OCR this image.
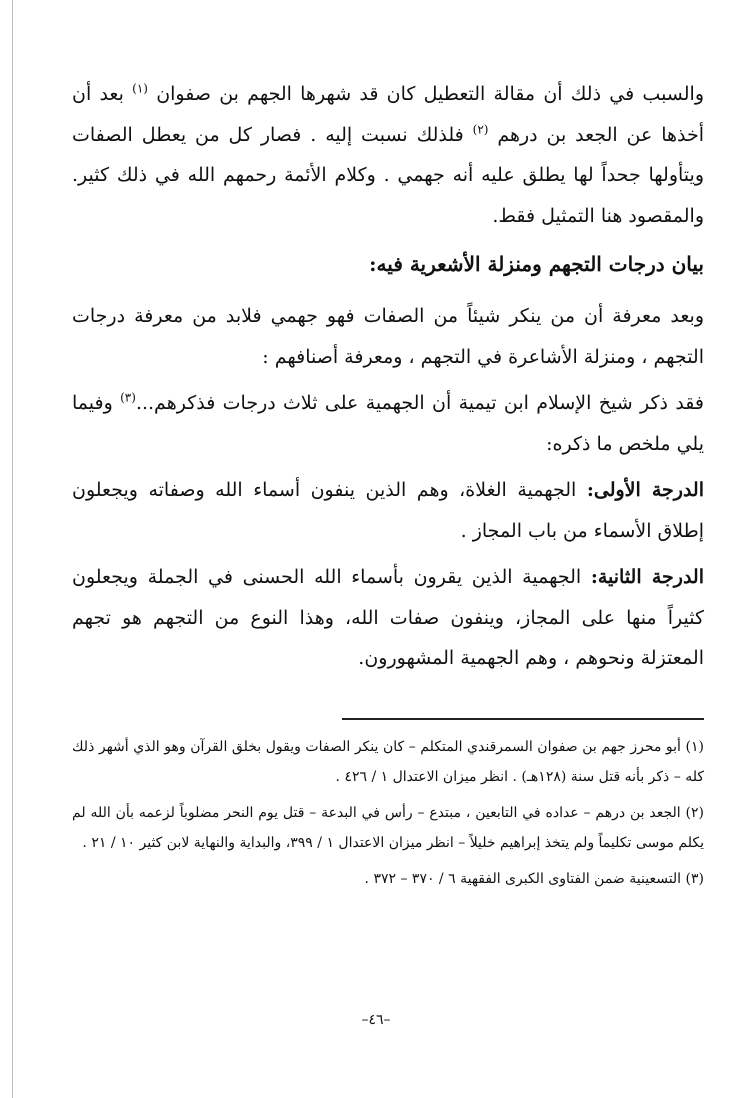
والسبب في ذلك أن مقالة التعطيل كان قد شهرها الجهم بن صفوان $^{(١)}$ بعد أن أخذها عن الجعد بن درهم $^{(٢)}$ فلذلك نسبت إليه . فصار كل من يعطل الصفات ويتأولها جحداً لها يطلق عليه أنه جهمي . وكلام الأئمة رحمهم الله في ذلك كثير. والمقصود هنا التمثيل فقط.

بيان درجات التجهم ومنزلة الأشعرية فيه:

وبعد معرفة أن من ينكر شيئاً من الصفات فهو جهمي فلابد من معرفة درجات التجهم ، ومنزلة الأشاعرة في التجهم ، ومعرفة أصنافهم :

فقد ذكر شيخ الإسلام ابن تيمية أن الجهمية على ثلاث درجات فذكرهم...$^{(٣)}$ وفيما يلي ملخص ما ذكره:

الدرجة الأولى: الجهمية الغلاة، وهم الذين ينفون أسماء الله وصفاته ويجعلون إطلاق الأسماء من باب المجاز .

الدرجة الثانية: الجهمية الذين يقرون بأسماء الله الحسنى في الجملة ويجعلون كثيراً منها على المجاز، وينفون صفات الله، وهذا النوع من التجهم هو تجهم المعتزلة ونحوهم ، وهم الجهمية المشهورون.

(١) أبو محرز جهم بن صفوان السمرقندي المتكلم – كان ينكر الصفات ويقول بخلق القرآن وهو الذي أشهر ذلك كله – ذكر بأنه قتل سنة (١٢٨هـ) . انظر ميزان الاعتدال ١ / ٤٢٦ .

(٢) الجعد بن درهم – عداده في التابعين ، مبتدع – رأس في البدعة – قتل يوم النحر مضلوباً لزعمه بأن الله لم يكلم موسى تكليماً ولم يتخذ إبراهيم خليلاً – انظر ميزان الاعتدال ١ / ٣٩٩، والبداية والنهاية لابن كثير ١٠ / ٢١ .

(٣) التسعينية ضمن الفتاوى الكبرى الفقهية ٦ / ٣٧٠ – ٣٧٢ .

–٤٦–
